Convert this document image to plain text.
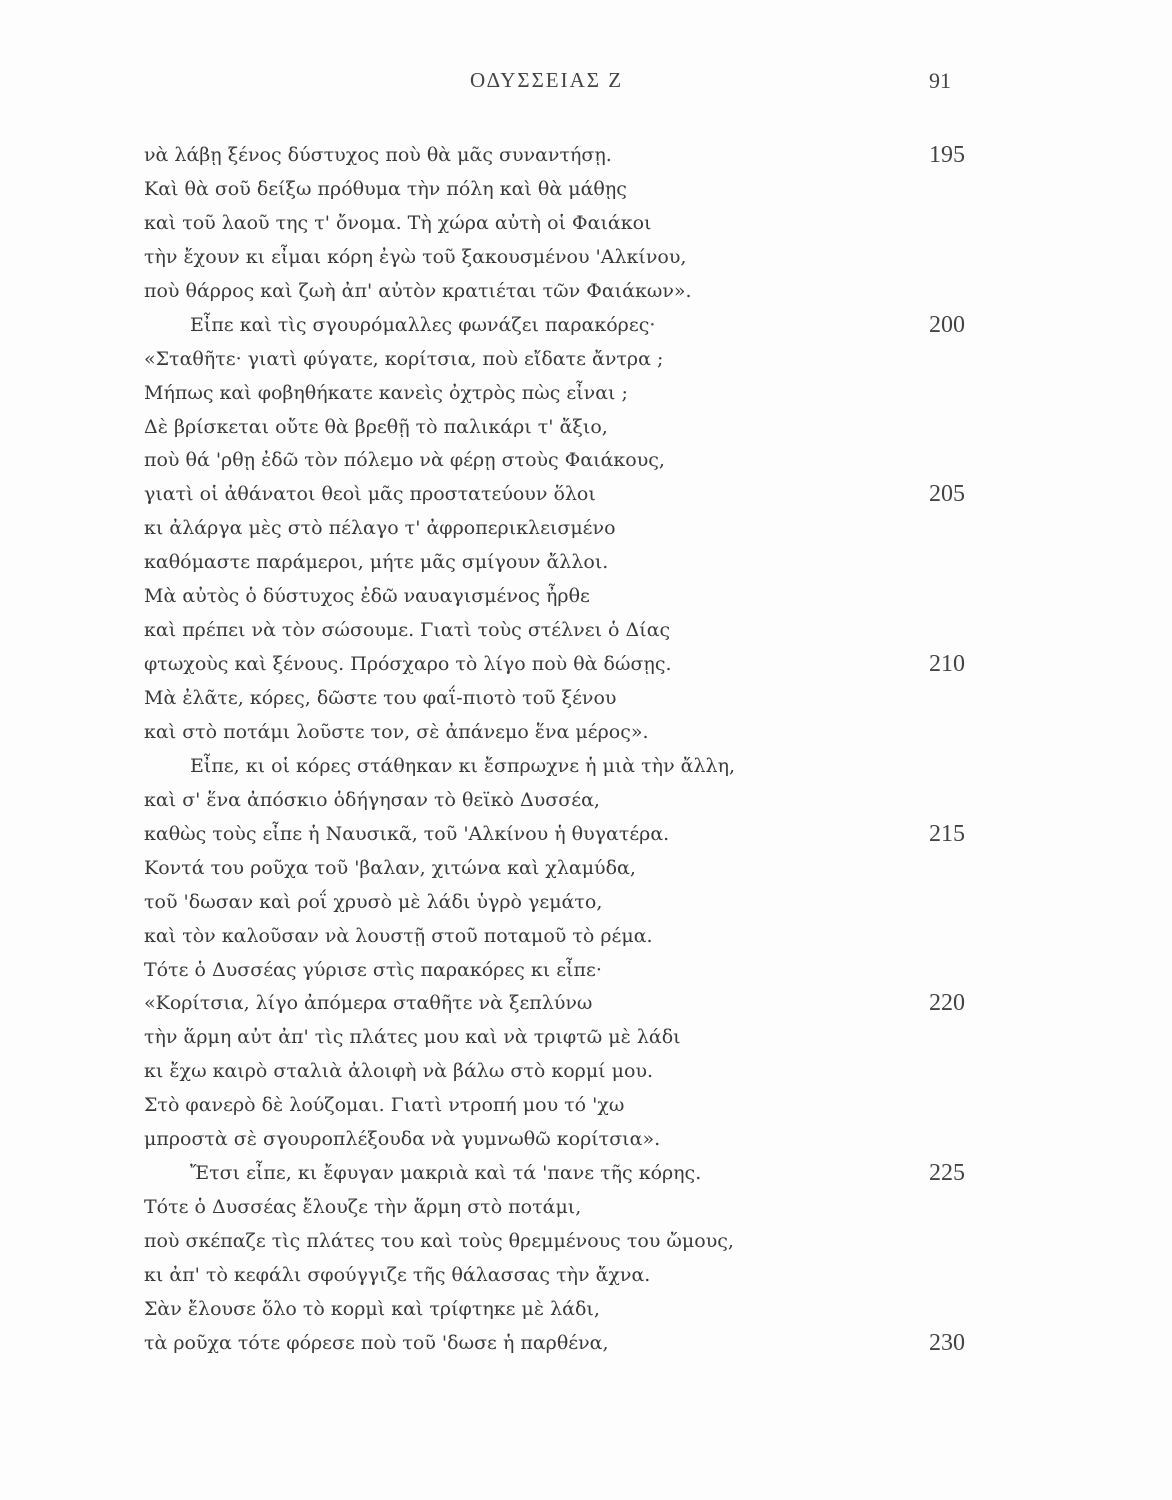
ΟΔΥΣΣΕΙΑΣ Ζ	91
νὰ λάβῃ ξένος δύστυχος ποὺ θὰ μᾶς συναντήσῃ.	195
Καὶ θὰ σοῦ δείξω πρόθυμα τὴν πόλη καὶ θὰ μάθῃς
καὶ τοῦ λαοῦ της τ' ὄνομα. Τὴ χώρα αὐτὴ οἱ Φαιάκοι
τὴν ἔχουν κι εἶμαι κόρη ἐγὼ τοῦ ξακουσμένου 'Αλκίνου,
ποὺ θάρρος καὶ ζωὴ ἀπ' αὐτὸν κρατιέται τῶν Φαιάκων».
Εἶπε καὶ τὶς σγουρόμαλλες φωνάζει παρακόρες·	200
«Σταθῆτε· γιατὶ φύγατε, κορίτσια, ποὺ εἴδατε ἄντρα ;
Μήπως καὶ φοβηθήκατε κανεὶς ὀχτρὸς πὼς εἶναι ;
Δὲ βρίσκεται οὔτε θὰ βρεθῇ τὸ παλικάρι τ' ἄξιο,
ποὺ θά 'ρθῃ ἐδῶ τὸν πόλεμο νὰ φέρῃ στοὺς Φαιάκους,
γιατὶ οἱ ἀθάνατοι θεοὶ μᾶς προστατεύουν ὅλοι	205
κι ἀλάργα μὲς στὸ πέλαγο τ' ἀφροπερικλεισμένο
καθόμαστε παράμεροι, μήτε μᾶς σμίγουν ἄλλοι.
Μὰ αὐτὸς ὁ δύστυχος ἐδῶ ναυαγισμένος ἦρθε
καὶ πρέπει νὰ τὸν σώσουμε. Γιατὶ τοὺς στέλνει ὁ Δίας
φτωχοὺς καὶ ξένους. Πρόσχαρο τὸ λίγο ποὺ θὰ δώσῃς.	210
Μὰ ἐλᾶτε, κόρες, δῶστε του φαΐ-πιοτὸ τοῦ ξένου
καὶ στὸ ποτάμι λοῦστε τον, σὲ ἀπάνεμο ἕνα μέρος».
Εἶπε, κι οἱ κόρες στάθηκαν κι ἔσπρωχνε ἡ μιὰ τὴν ἄλλη,
καὶ σ' ἕνα ἀπόσκιο ὁδήγησαν τὸ θεϊκὸ Δυσσέα,
καθὼς τοὺς εἶπε ἡ Ναυσικᾶ, τοῦ 'Αλκίνου ἡ θυγατέρα.	215
Κοντά του ροῦχα τοῦ 'βαλαν, χιτώνα καὶ χλαμύδα,
τοῦ 'δωσαν καὶ ροΐ χρυσὸ μὲ λάδι ὑγρὸ γεμάτο,
καὶ τὸν καλοῦσαν νὰ λουστῇ στοῦ ποταμοῦ τὸ ρέμα.
Τότε ὁ Δυσσέας γύρισε στὶς παρακόρες κι εἶπε·
«Κορίτσια, λίγο ἀπόμερα σταθῆτε νὰ ξεπλύνω	220
τὴν ἅρμη αὐτ ἀπ' τὶς πλάτες μου καὶ νὰ τριφτῶ μὲ λάδι
κι ἔχω καιρὸ σταλιὰ ἀλοιφὴ νὰ βάλω στὸ κορμί μου.
Στὸ φανερὸ δὲ λούζομαι. Γιατὶ ντροπή μου τό 'χω
μπροστὰ σὲ σγουροπλέξουδα νὰ γυμνωθῶ κορίτσια».
Ἔτσι εἶπε, κι ἔφυγαν μακριὰ καὶ τά 'πανε τῆς κόρης.	225
Τότε ὁ Δυσσέας ἔλουζε τὴν ἅρμη στὸ ποτάμι,
ποὺ σκέπαζε τὶς πλάτες του καὶ τοὺς θρεμμένους του ὤμους,
κι ἀπ' τὸ κεφάλι σφούγγιζε τῆς θάλασσας τὴν ἄχνα.
Σὰν ἔλουσε ὅλο τὸ κορμὶ καὶ τρίφτηκε μὲ λάδι,
τὰ ροῦχα τότε φόρεσε ποὺ τοῦ 'δωσε ἡ παρθένα,	230
